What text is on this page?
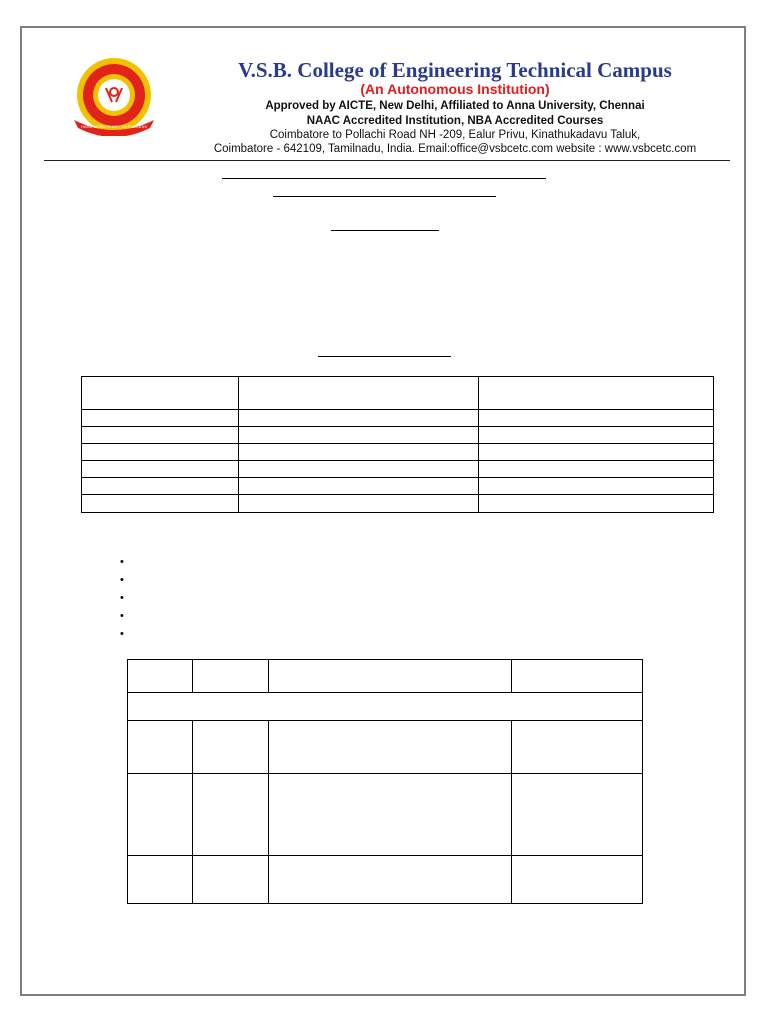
HARD WORK IS KEY TO SUCCESS
V.S.B. College of Engineering Technical Campus
(An Autonomous Institution)
Approved by AICTE, New Delhi, Affiliated to Anna University, Chennai
NAAC Accredited Institution, NBA Accredited Courses
Coimbatore to Pollachi Road NH -209, Ealur Privu, Kinathukadavu Taluk,
Coimbatore - 642109, Tamilnadu, India. Email:office@vsbcetc.com website : www.vsbcetc.com

•
•
•
•
•
